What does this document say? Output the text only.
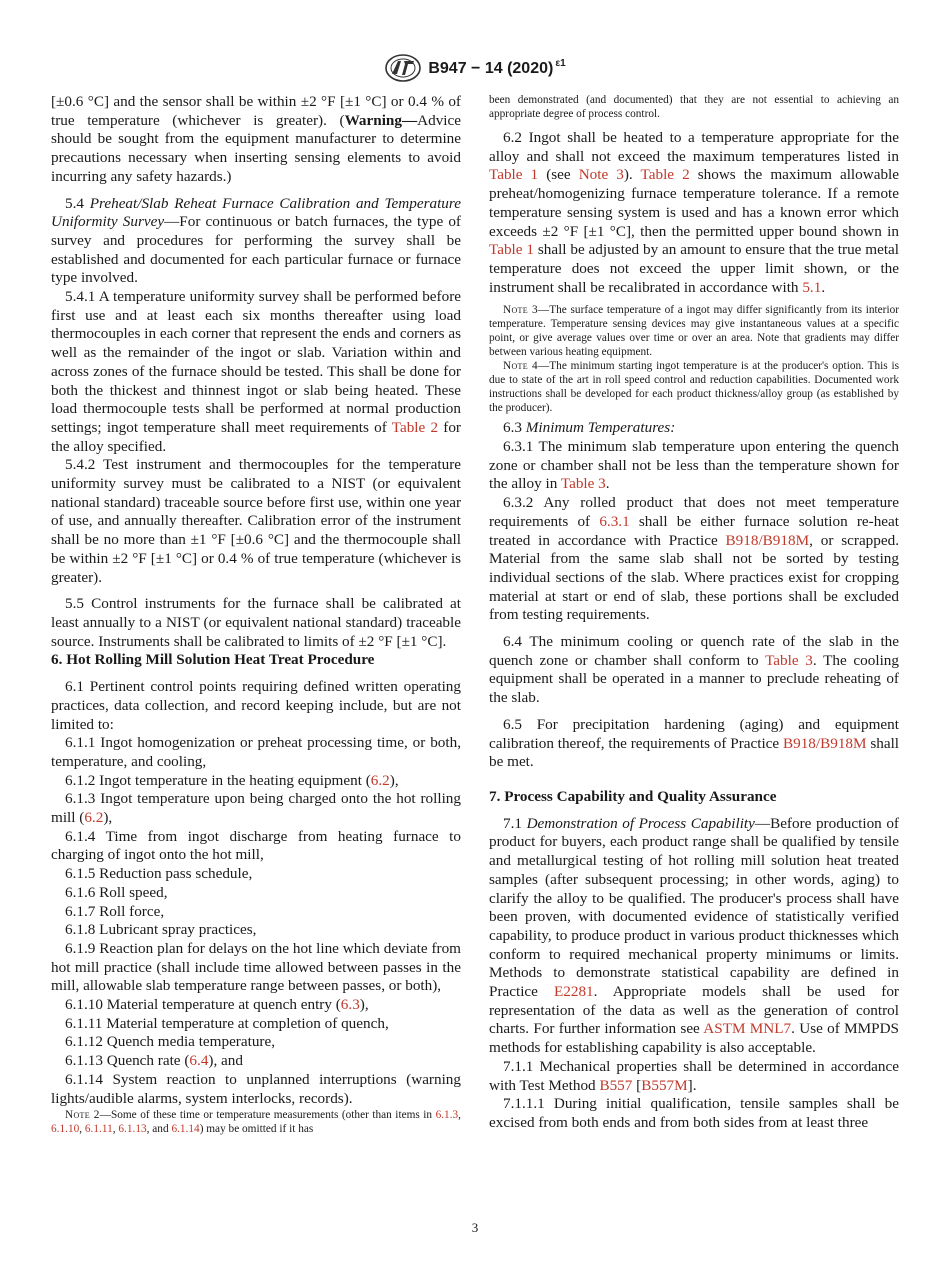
B947 − 14 (2020) $^{\varepsilon 1}$

[±0.6 °C] and the sensor shall be within ±2 °F [±1 °C] or 0.4 % of true temperature (whichever is greater). (Warning—Advice should be sought from the equipment manufacturer to determine precautions necessary when inserting sensing elements to avoid incurring any safety hazards.)

5.4 Preheat/Slab Reheat Furnace Calibration and Temperature Uniformity Survey—For continuous or batch furnaces, the type of survey and procedures for performing the survey shall be established and documented for each particular furnace or furnace type involved.

5.4.1 A temperature uniformity survey shall be performed before first use and at least each six months thereafter using load thermocouples in each corner that represent the ends and corners as well as the remainder of the ingot or slab. Variation within and across zones of the furnace should be tested. This shall be done for both the thickest and thinnest ingot or slab being heated. These load thermocouple tests shall be performed at normal production settings; ingot temperature shall meet requirements of Table 2 for the alloy specified.

5.4.2 Test instrument and thermocouples for the temperature uniformity survey must be calibrated to a NIST (or equivalent national standard) traceable source before first use, within one year of use, and annually thereafter. Calibration error of the instrument shall be no more than ±1 °F [±0.6 °C] and the thermocouple shall be within ±2 °F [±1 °C] or 0.4 % of true temperature (whichever is greater).

5.5 Control instruments for the furnace shall be calibrated at least annually to a NIST (or equivalent national standard) traceable source. Instruments shall be calibrated to limits of ±2 °F [±1 °C].

6. Hot Rolling Mill Solution Heat Treat Procedure

6.1 Pertinent control points requiring defined written operating practices, data collection, and record keeping include, but are not limited to:

6.1.1 Ingot homogenization or preheat processing time, or both, temperature, and cooling,

6.1.2 Ingot temperature in the heating equipment (6.2),

6.1.3 Ingot temperature upon being charged onto the hot rolling mill (6.2),

6.1.4 Time from ingot discharge from heating furnace to charging of ingot onto the hot mill,

6.1.5 Reduction pass schedule,

6.1.6 Roll speed,

6.1.7 Roll force,

6.1.8 Lubricant spray practices,

6.1.9 Reaction plan for delays on the hot line which deviate from hot mill practice (shall include time allowed between passes in the mill, allowable slab temperature range between passes, or both),

6.1.10 Material temperature at quench entry (6.3),

6.1.11 Material temperature at completion of quench,

6.1.12 Quench media temperature,

6.1.13 Quench rate (6.4), and

6.1.14 System reaction to unplanned interruptions (warning lights/audible alarms, system interlocks, records).

Note 2—Some of these time or temperature measurements (other than items in 6.1.3, 6.1.10, 6.1.11, 6.1.13, and 6.1.14) may be omitted if it has

been demonstrated (and documented) that they are not essential to achieving an appropriate degree of process control.

6.2 Ingot shall be heated to a temperature appropriate for the alloy and shall not exceed the maximum temperatures listed in Table 1 (see Note 3). Table 2 shows the maximum allowable preheat/homogenizing furnace temperature tolerance. If a remote temperature sensing system is used and has a known error which exceeds ±2 °F [±1 °C], then the permitted upper bound shown in Table 1 shall be adjusted by an amount to ensure that the true metal temperature does not exceed the upper limit shown, or the instrument shall be recalibrated in accordance with 5.1.

Note 3—The surface temperature of a ingot may differ significantly from its interior temperature. Temperature sensing devices may give instantaneous values at a specific point, or give average values over time or over an area. Note that gradients may differ between various heating equipment.

Note 4—The minimum starting ingot temperature is at the producer's option. This is due to state of the art in roll speed control and reduction capabilities. Documented work instructions shall be developed for each product thickness/alloy group (as established by the producer).

6.3 Minimum Temperatures:

6.3.1 The minimum slab temperature upon entering the quench zone or chamber shall not be less than the temperature shown for the alloy in Table 3.

6.3.2 Any rolled product that does not meet temperature requirements of 6.3.1 shall be either furnace solution re-heat treated in accordance with Practice B918/B918M, or scrapped. Material from the same slab shall not be sorted by testing individual sections of the slab. Where practices exist for cropping material at start or end of slab, these portions shall be excluded from testing requirements.

6.4 The minimum cooling or quench rate of the slab in the quench zone or chamber shall conform to Table 3. The cooling equipment shall be operated in a manner to preclude reheating of the slab.

6.5 For precipitation hardening (aging) and equipment calibration thereof, the requirements of Practice B918/B918M shall be met.

7. Process Capability and Quality Assurance

7.1 Demonstration of Process Capability—Before production of product for buyers, each product range shall be qualified by tensile and metallurgical testing of hot rolling mill solution heat treated samples (after subsequent processing; in other words, aging) to clarify the alloy to be qualified. The producer's process shall have been proven, with documented evidence of statistically verified capability, to produce product in various product thicknesses which conform to required mechanical property minimums or limits. Methods to demonstrate statistical capability are defined in Practice E2281. Appropriate models shall be used for representation of the data as well as the generation of control charts. For further information see ASTM MNL7. Use of MMPDS methods for establishing capability is also acceptable.

7.1.1 Mechanical properties shall be determined in accordance with Test Method B557 [B557M].

7.1.1.1 During initial qualification, tensile samples shall be excised from both ends and from both sides from at least three

3
